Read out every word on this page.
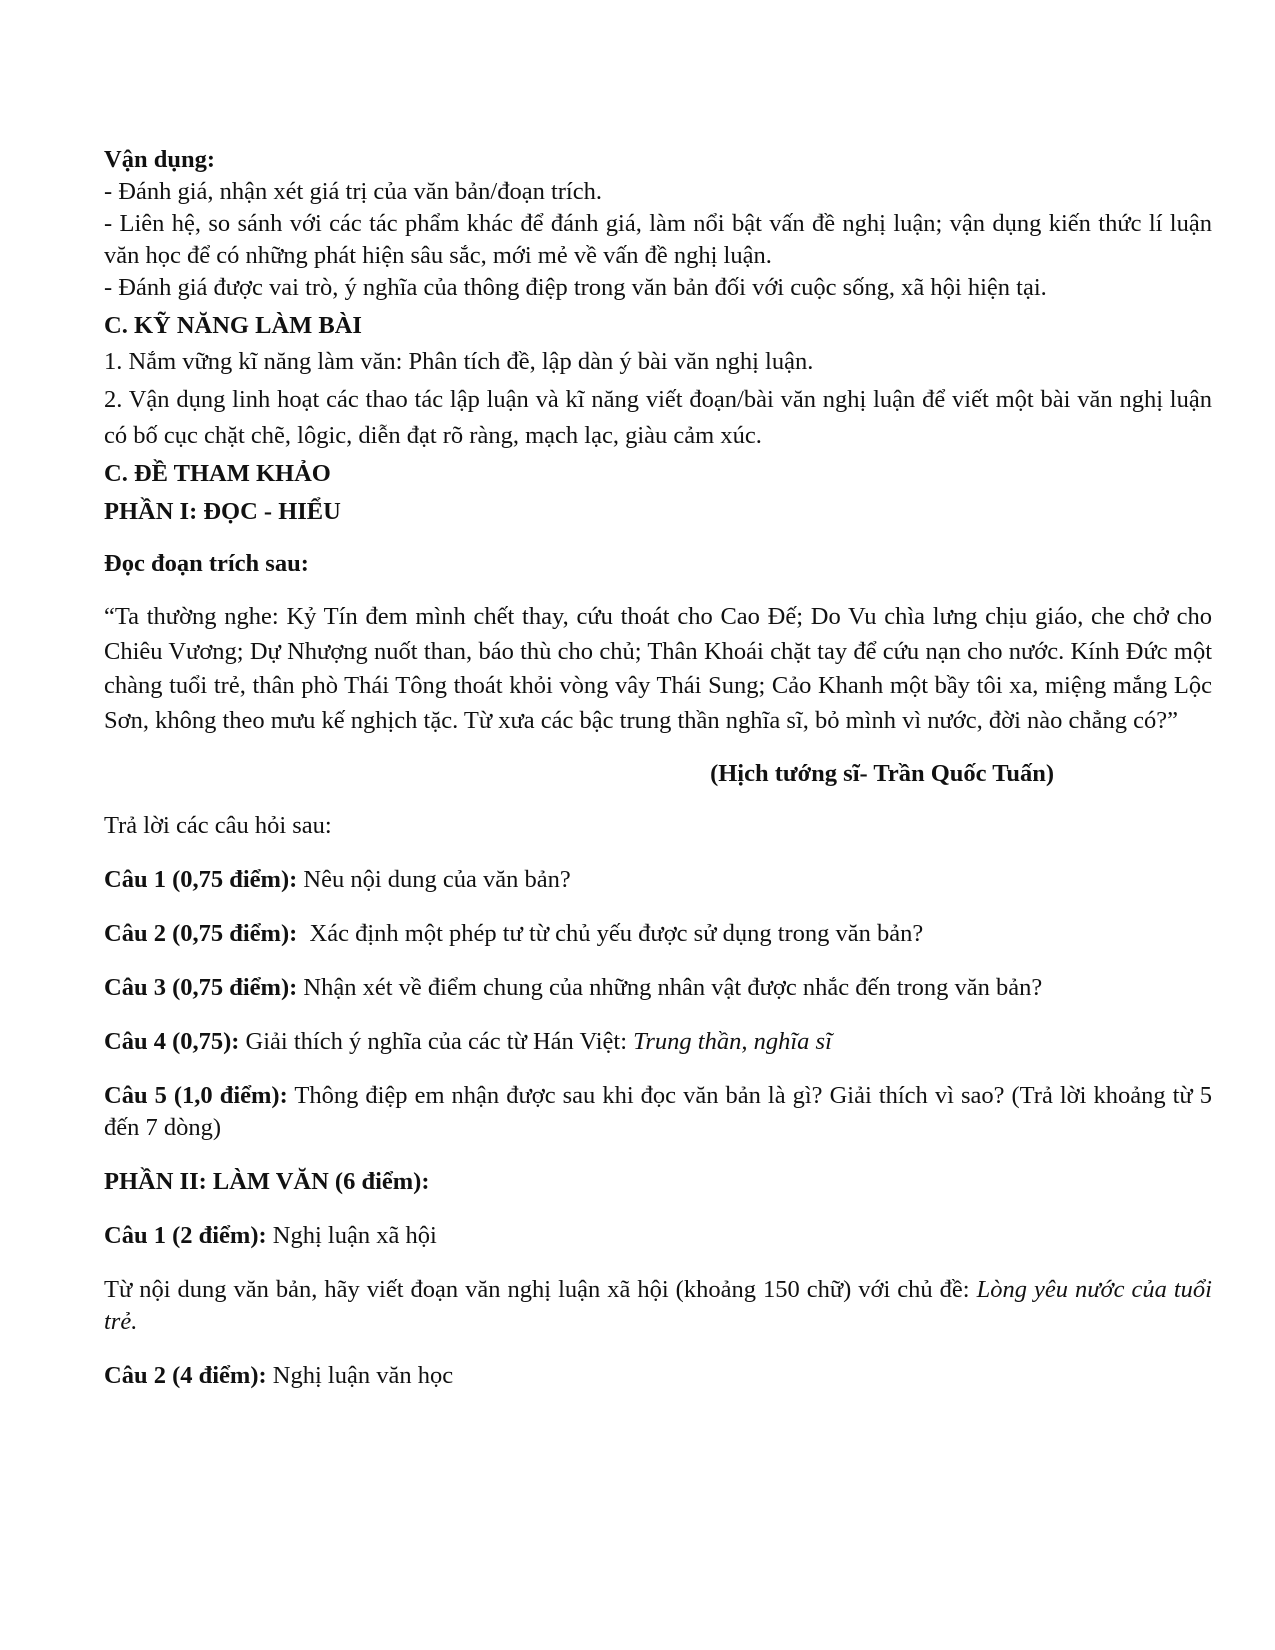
Vận dụng:

- Đánh giá, nhận xét giá trị của văn bản/đoạn trích.

- Liên hệ, so sánh với các tác phẩm khác để đánh giá, làm nổi bật vấn đề nghị luận; vận dụng kiến thức lí luận văn học để có những phát hiện sâu sắc, mới mẻ về vấn đề nghị luận.

- Đánh giá được vai trò, ý nghĩa của thông điệp trong văn bản đối với cuộc sống, xã hội hiện tại.

C. KỸ NĂNG LÀM BÀI

1. Nắm vững kĩ năng làm văn: Phân tích đề, lập dàn ý bài văn nghị luận.

2. Vận dụng linh hoạt các thao tác lập luận và kĩ năng viết đoạn/bài văn nghị luận để viết một bài văn nghị luận có bố cục chặt chẽ, lôgic, diễn đạt rõ ràng, mạch lạc, giàu cảm xúc.

C. ĐỀ THAM KHẢO

PHẦN I: ĐỌC - HIỂU

Đọc đoạn trích sau:

“Ta thường nghe: Kỷ Tín đem mình chết thay, cứu thoát cho Cao Đế; Do Vu chìa lưng chịu giáo, che chở cho Chiêu Vương; Dự Nhượng nuốt than, báo thù cho chủ; Thân Khoái chặt tay để cứu nạn cho nước. Kính Đức một chàng tuổi trẻ, thân phò Thái Tông thoát khỏi vòng vây Thái Sung; Cảo Khanh một bầy tôi xa, miệng mắng Lộc Sơn, không theo mưu kế nghịch tặc. Từ xưa các bậc trung thần nghĩa sĩ, bỏ mình vì nước, đời nào chẳng có?”

(Hịch tướng sĩ- Trần Quốc Tuấn)

Trả lời các câu hỏi sau:

Câu 1 (0,75 điểm): Nêu nội dung của văn bản?

Câu 2 (0,75 điểm):  Xác định một phép tư từ chủ yếu được sử dụng trong văn bản?

Câu 3 (0,75 điểm): Nhận xét về điểm chung của những nhân vật được nhắc đến trong văn bản?

Câu 4 (0,75): Giải thích ý nghĩa của các từ Hán Việt: Trung thần, nghĩa sĩ

Câu 5 (1,0 điểm): Thông điệp em nhận được sau khi đọc văn bản là gì? Giải thích vì sao? (Trả lời khoảng từ 5 đến 7 dòng)

PHẦN II: LÀM VĂN (6 điểm):

Câu 1 (2 điểm): Nghị luận xã hội

Từ nội dung văn bản, hãy viết đoạn văn nghị luận xã hội (khoảng 150 chữ) với chủ đề: Lòng yêu nước của tuổi trẻ.

Câu 2 (4 điểm): Nghị luận văn học
